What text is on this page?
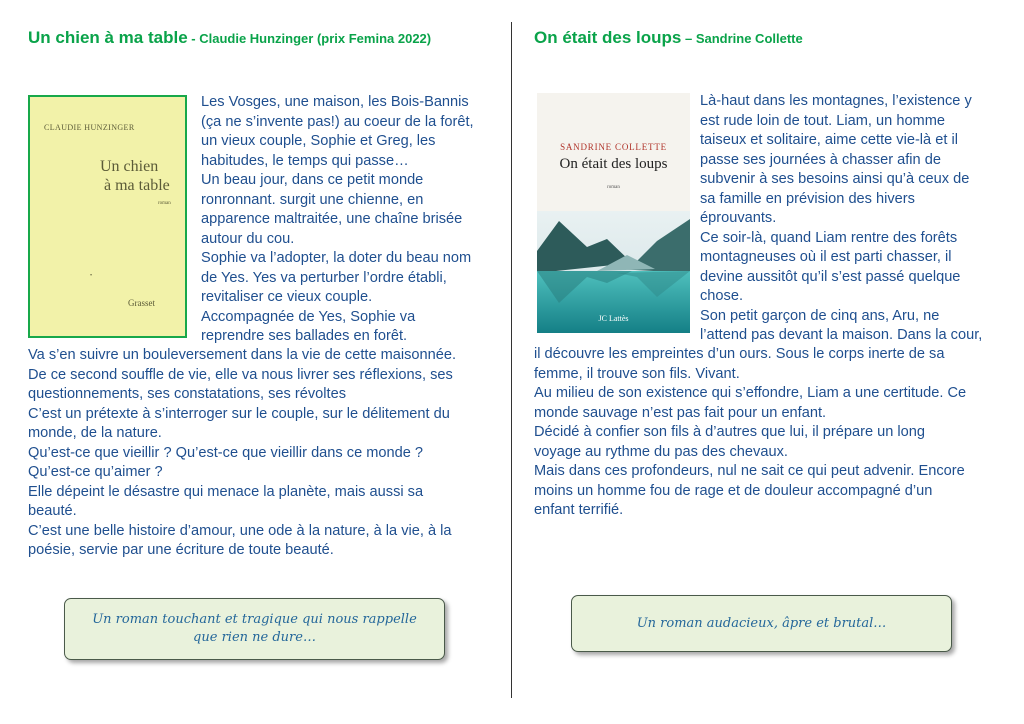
Un chien à ma table - Claudie Hunzinger (prix Femina 2022)
CLAUDIE HUNZINGER
Un chien
à ma table
roman
•
Grasset
Les Vosges, une maison, les Bois-Bannis
(ça ne s’invente pas!) au coeur de la forêt,
un vieux couple, Sophie et Greg, les
habitudes, le temps qui passe…
Un beau jour, dans ce petit monde
ronronnant. surgit une chienne, en
apparence maltraitée, une chaîne brisée
autour du cou.
Sophie va l’adopter, la doter du beau nom
de Yes. Yes va perturber l’ordre établi,
revitaliser ce vieux couple.
Accompagnée de Yes, Sophie va
reprendre ses ballades en forêt.
Va s’en suivre un bouleversement dans la vie de cette maisonnée.
De ce second souffle de vie, elle va nous livrer ses réflexions, ses
questionnements, ses constatations, ses révoltes
C’est un prétexte à s’interroger sur le couple, sur le délitement du
monde, de la nature.
Qu’est-ce que vieillir ? Qu’est-ce que vieillir dans ce monde ?
Qu’est-ce qu’aimer ?
Elle dépeint le désastre qui menace la planète, mais aussi sa
beauté.
C’est une belle histoire d’amour, une ode à la nature, à la vie, à la
poésie, servie par une écriture de toute beauté.
Un roman touchant et tragique qui nous rappelle
que rien ne dure…
On était des loups – Sandrine Collette
SANDRINE COLLETTE
On était des loups
roman
JC Lattès
Là-haut dans les montagnes, l’existence y
est rude loin de tout. Liam, un homme
taiseux et solitaire, aime cette vie-là et il
passe ses journées à chasser afin de
subvenir à ses besoins ainsi qu’à ceux de
sa famille en prévision des hivers
éprouvants.
Ce soir-là, quand Liam rentre des forêts
montagneuses où il est parti chasser, il
devine aussitôt qu’il s’est passé quelque
chose.
Son petit garçon de cinq ans, Aru, ne
l’attend pas devant la maison. Dans la cour,
il découvre les empreintes d’un ours. Sous le corps inerte de sa
femme, il trouve son fils. Vivant.
Au milieu de son existence qui s’effondre, Liam a une certitude. Ce
monde sauvage n’est pas fait pour un enfant.
Décidé à confier son fils à d’autres que lui, il prépare un long
voyage au rythme du pas des chevaux.
Mais dans ces profondeurs, nul ne sait ce qui peut advenir. Encore
moins un homme fou de rage et de douleur accompagné d’un
enfant terrifié.
Un roman audacieux, âpre et brutal…
